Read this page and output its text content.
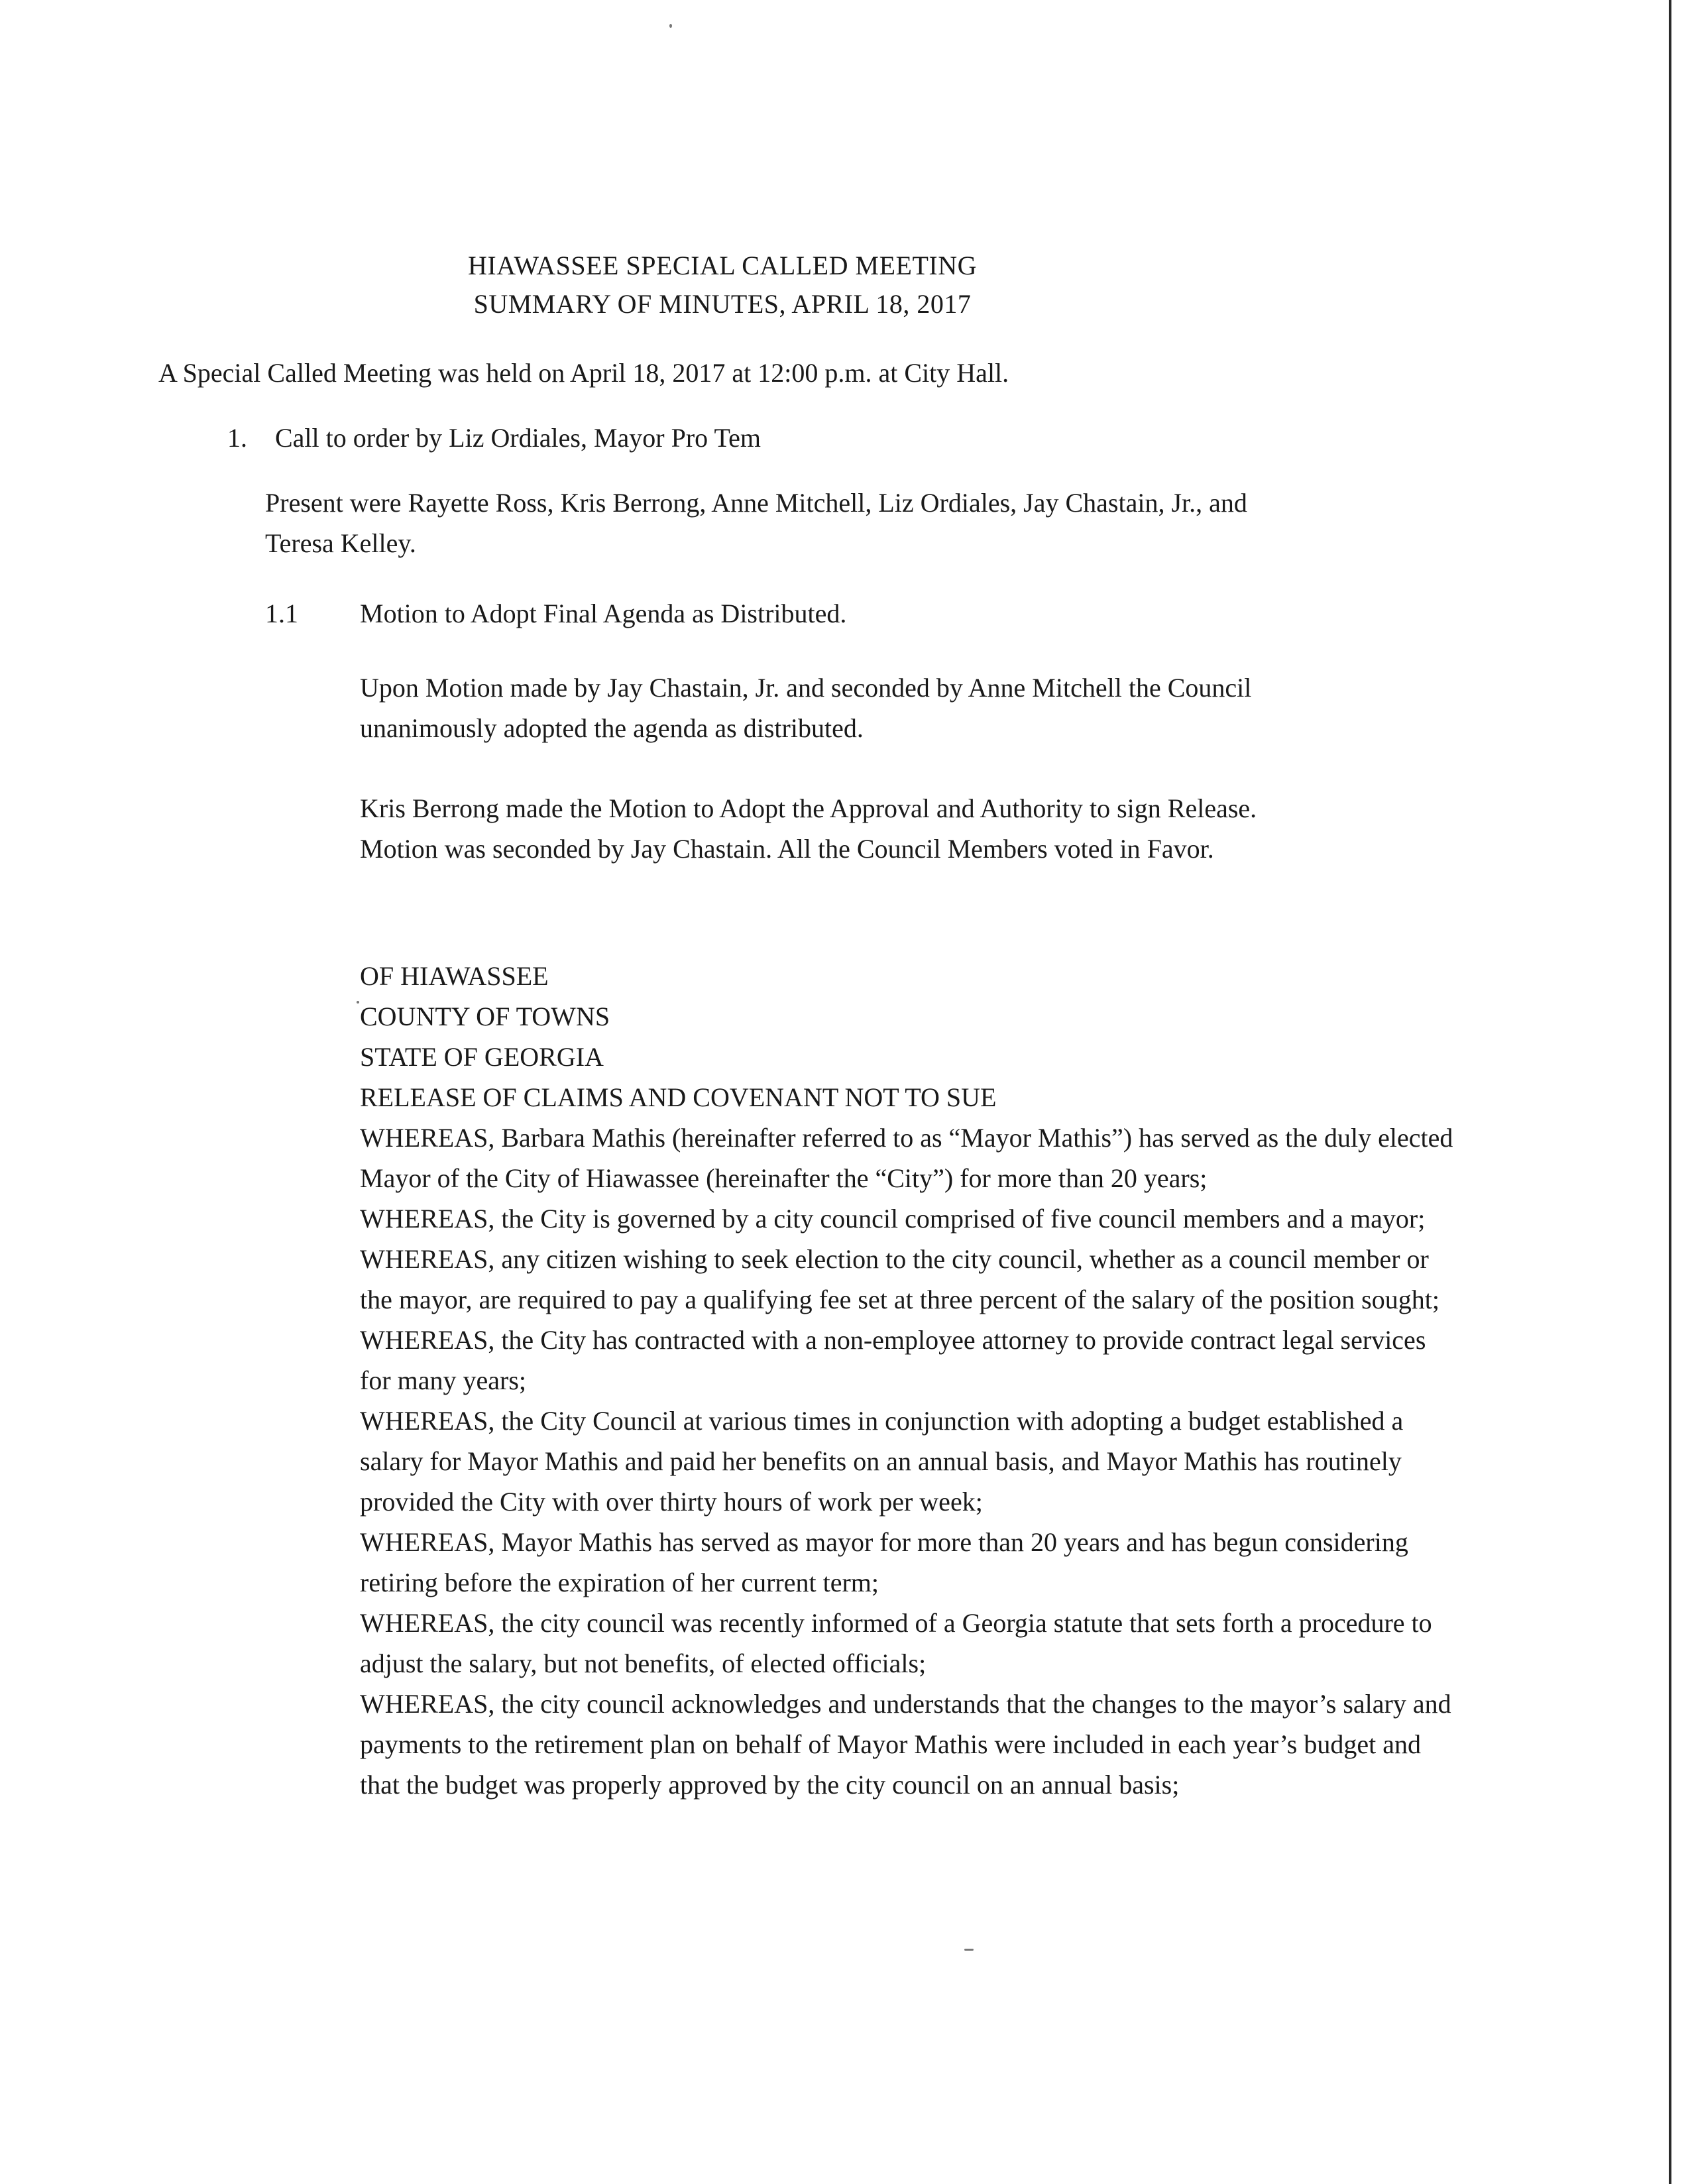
HIAWASSEE SPECIAL CALLED MEETING
SUMMARY OF MINUTES, APRIL 18, 2017
A Special Called Meeting was held on April 18, 2017 at 12:00 p.m. at City Hall.
1. Call to order by Liz Ordiales, Mayor Pro Tem
Present were Rayette Ross, Kris Berrong, Anne Mitchell, Liz Ordiales, Jay Chastain, Jr., and
Teresa Kelley.
1.1 Motion to Adopt Final Agenda as Distributed.
Upon Motion made by Jay Chastain, Jr. and seconded by Anne Mitchell the Council
unanimously adopted the agenda as distributed.
Kris Berrong made the Motion to Adopt the Approval and Authority to sign Release.
Motion was seconded by Jay Chastain. All the Council Members voted in Favor.
OF HIAWASSEE
COUNTY OF TOWNS
STATE OF GEORGIA
RELEASE OF CLAIMS AND COVENANT NOT TO SUE
WHEREAS, Barbara Mathis (hereinafter referred to as “Mayor Mathis”) has served as the duly elected Mayor of the City of Hiawassee (hereinafter the “City”) for more than 20 years;
WHEREAS, the City is governed by a city council comprised of five council members and a mayor;
WHEREAS, any citizen wishing to seek election to the city council, whether as a council member or the mayor, are required to pay a qualifying fee set at three percent of the salary of the position sought;
WHEREAS, the City has contracted with a non-employee attorney to provide contract legal services for many years;
WHEREAS, the City Council at various times in conjunction with adopting a budget established a salary for Mayor Mathis and paid her benefits on an annual basis, and Mayor Mathis has routinely provided the City with over thirty hours of work per week;
WHEREAS, Mayor Mathis has served as mayor for more than 20 years and has begun considering retiring before the expiration of her current term;
WHEREAS, the city council was recently informed of a Georgia statute that sets forth a procedure to adjust the salary, but not benefits, of elected officials;
WHEREAS, the city council acknowledges and understands that the changes to the mayor’s salary and payments to the retirement plan on behalf of Mayor Mathis were included in each year’s budget and that the budget was properly approved by the city council on an annual basis;
